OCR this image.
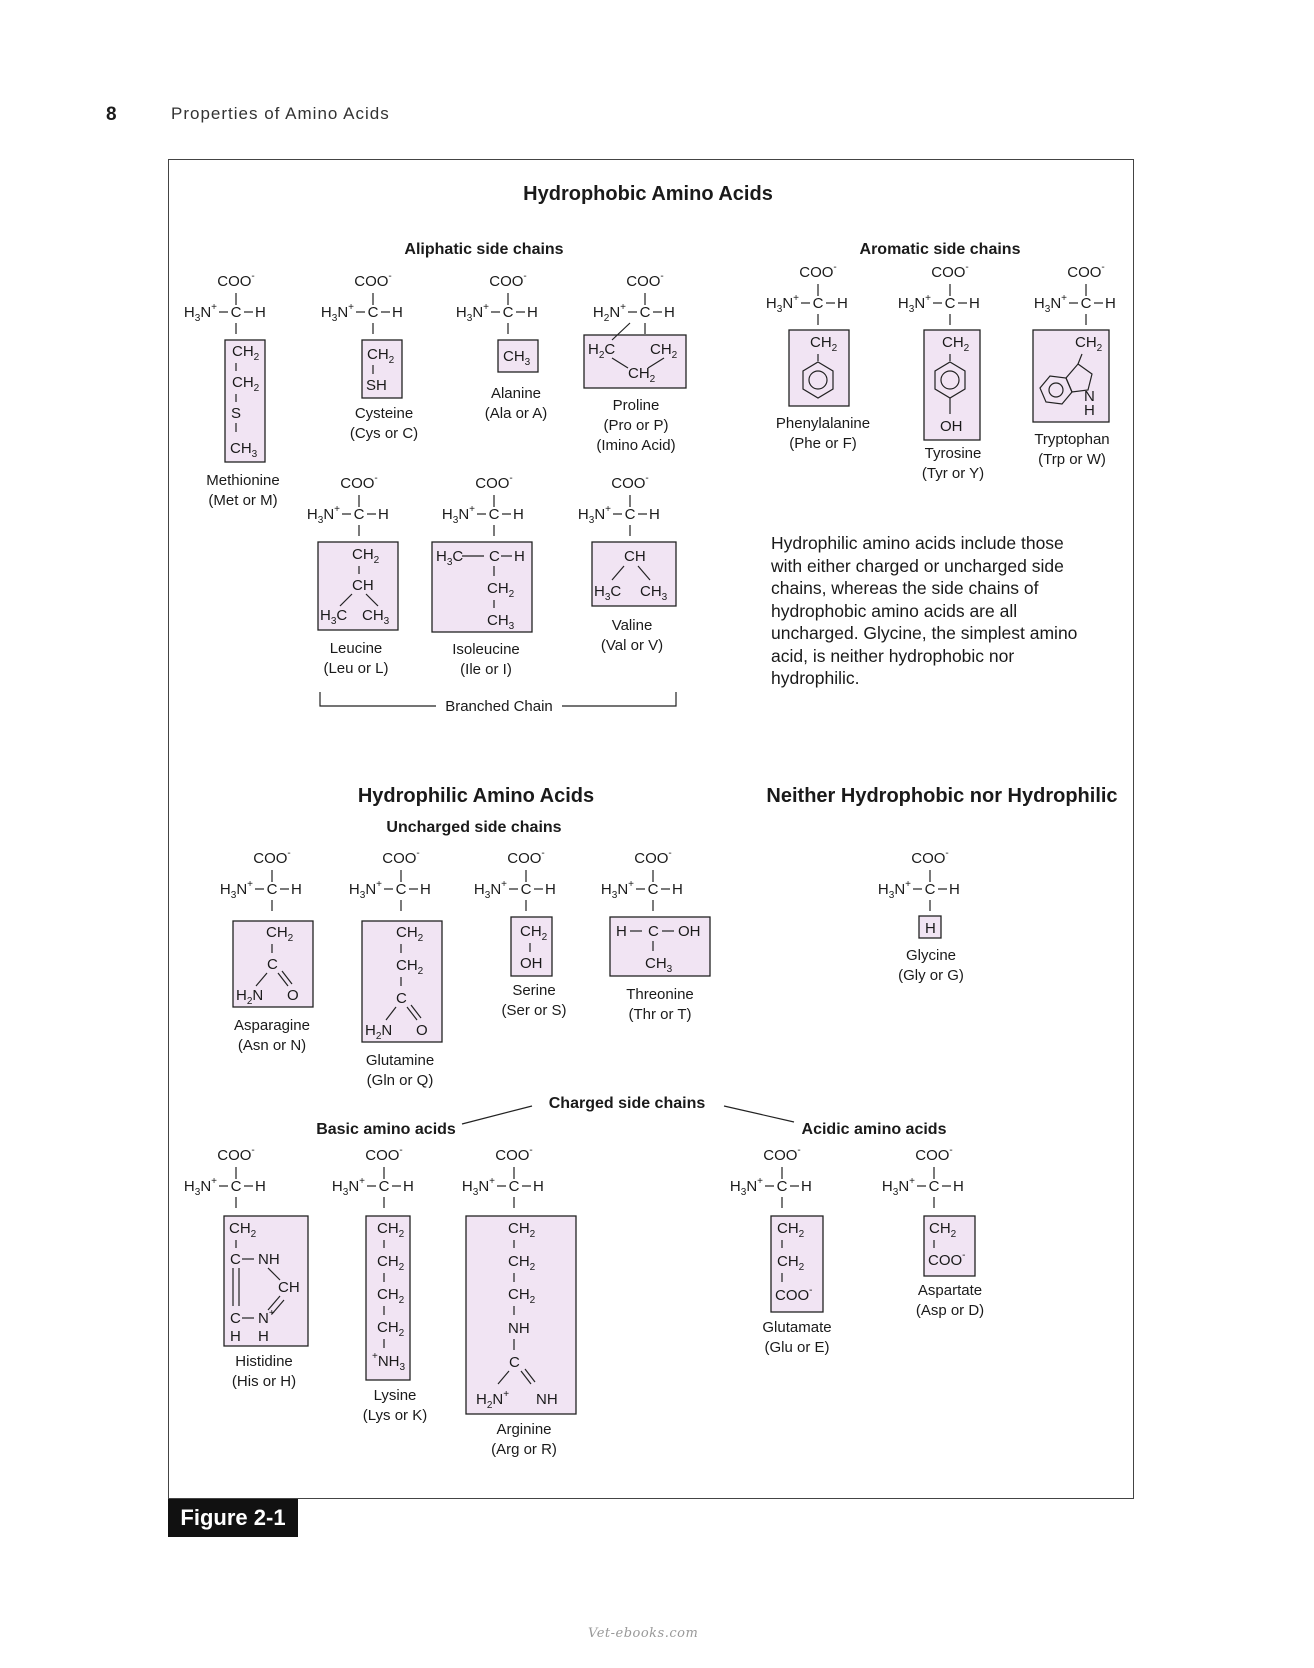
8	Properties of Amino Acids
Figure 2-1
Hydrophobic Amino Acids
Aliphatic side chains	Aromatic side chains
$CH_2$
$CH_2$
S
$CH_3$
Methionine
(Met or M)
$CH_2$
SH
Cysteine
(Cys or C)
$CH_3$
Alanine
(Ala or A)
$H_2C$ $CH_2$
$CH_2$
Proline
(Pro or P)
(Imino Acid)
$CH_2$
Phenylalanine
(Phe or F)
$CH_2$
OH
Tyrosine
(Tyr or Y)
$CH_2$
N
H
Tryptophan
(Trp or W)
$CH_2$
CH
$H_3C$ $CH_3$
Leucine
(Leu or L)
$H_3C$ C H
$CH_2$
$CH_3$
Isoleucine
(Ile or I)
CH
$H_3C$ $CH_3$
Valine
(Val or V)
Branched Chain
Hydrophilic Amino Acids	Neither Hydrophobic nor Hydrophilic
Uncharged side chains
$CH_2$
C
$H_2N$ O
Asparagine
(Asn or N)
$CH_2$
$CH_2$
C
$H_2N$ O
Glutamine
(Gln or Q)
$CH_2$
OH
Serine
(Ser or S)
H C OH
$CH_3$
Threonine
(Thr or T)
H
Glycine
(Gly or G)
Charged side chains
Basic amino acids	Acidic amino acids
$CH_2$
C NH
CH
C N+
H H
Histidine
(His or H)
$CH_2$
$CH_2$
$CH_2$
$CH_2$
$^+NH_3$
Lysine
(Lys or K)
$CH_2$
$CH_2$
$CH_2$
NH
C
$H_2N^+$ NH
Arginine
(Arg or R)
$CH_2$
$CH_2$
COO-
Glutamate
(Glu or E)
$CH_2$
COO-
Aspartate
(Asp or D)
Hydrophilic amino acids include those with either charged or uncharged side chains, whereas the side chains of hydrophobic amino acids are all uncharged. Glycine, the simplest amino acid, is neither hydrophobic nor hydrophilic.
Vet-ebooks.com
